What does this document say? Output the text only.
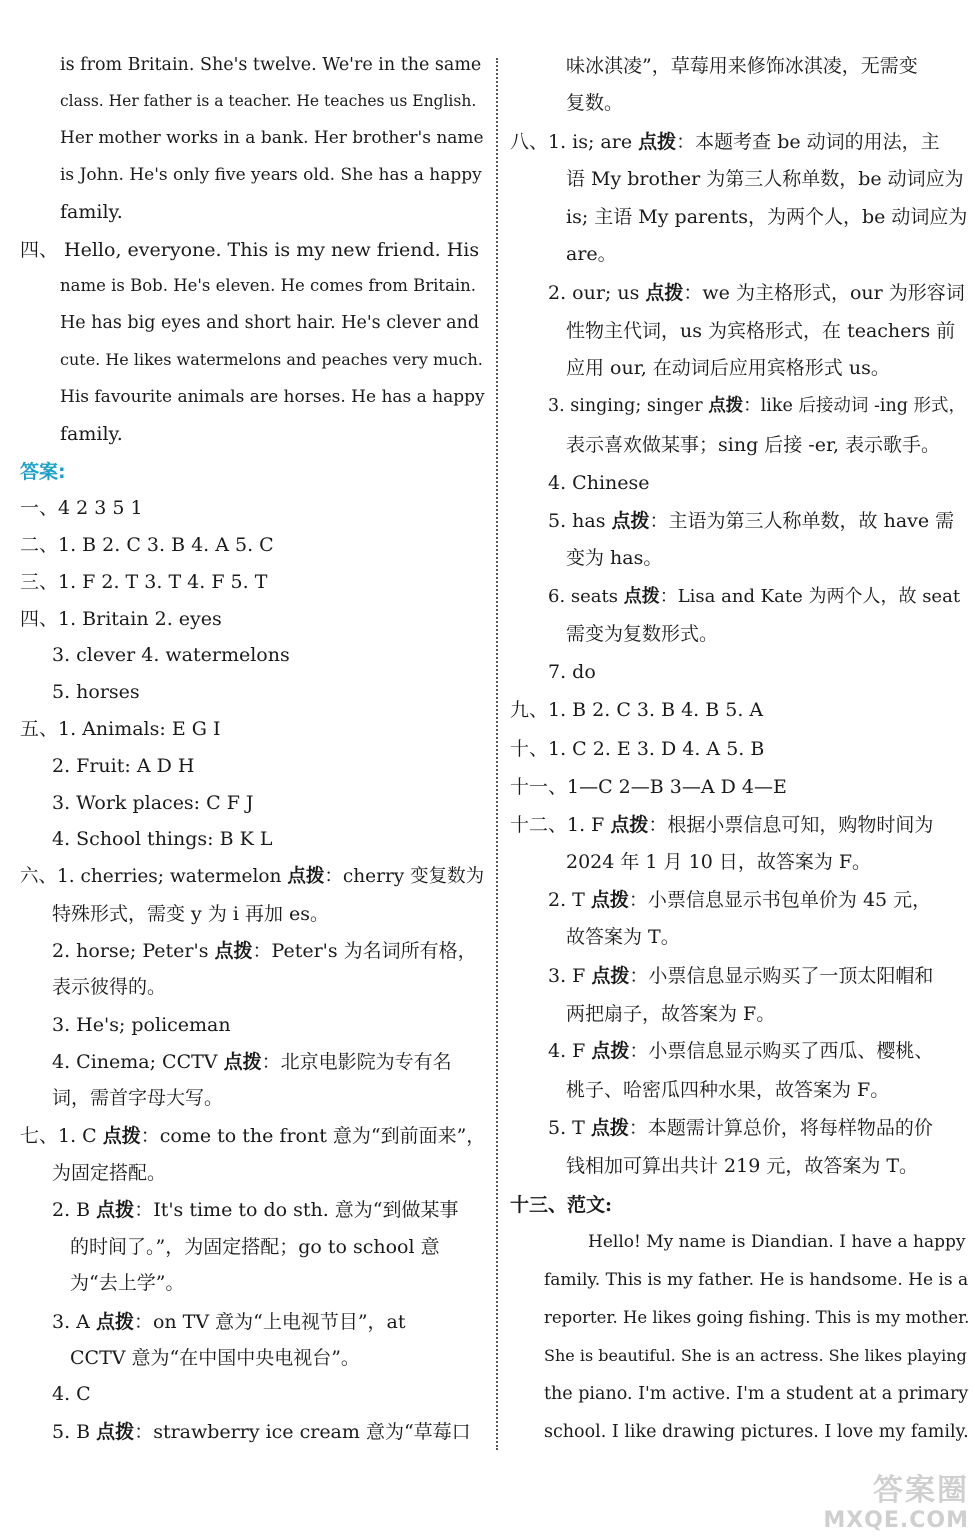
is from Britain. She's twelve. We're in the same
class. Her father is a teacher. He teaches us English.
Her mother works in a bank. Her brother's name
is John. He's only five years old. She has a happy
family.
四、 Hello, everyone. This is my new friend. His
name is Bob. He's eleven. He comes from Britain.
He has big eyes and short hair. He's clever and
cute. He likes watermelons and peaches very much.
His favourite animals are horses. He has a happy
family.
答案:
一、4 2 3 5 1
二、1. B 2. C 3. B 4. A 5. C
三、1. F 2. T 3. T 4. F 5. T
四、1. Britain 2. eyes
3. clever 4. watermelons
5. horses
五、1. Animals: E G I
2. Fruit: A D H
3. Work places: C F J
4. School things: B K L
六、1. cherries; watermelon 点拨：cherry 变复数为
特殊形式，需变 y 为 i 再加 es。
2. horse; Peter's 点拨：Peter's 为名词所有格，
表示彼得的。
3. He's; policeman
4. Cinema; CCTV 点拨：北京电影院为专有名
词，需首字母大写。
七、1. C 点拨：come to the front 意为“到前面来”，
为固定搭配。
2. B 点拨：It's time to do sth. 意为“到做某事
的时间了。”，为固定搭配；go to school 意
为“去上学”。
3. A 点拨：on TV 意为“上电视节目”，at
CCTV 意为“在中国中央电视台”。
4. C
5. B 点拨：strawberry ice cream 意为“草莓口
味冰淇凌”，草莓用来修饰冰淇凌，无需变
复数。
八、1. is; are 点拨：本题考查 be 动词的用法，主
语 My brother 为第三人称单数，be 动词应为
is; 主语 My parents，为两个人，be 动词应为
are。
2. our; us 点拨：we 为主格形式，our 为形容词
性物主代词，us 为宾格形式，在 teachers 前
应用 our, 在动词后应用宾格形式 us。
3. singing; singer 点拨：like 后接动词 -ing 形式，
表示喜欢做某事；sing 后接 -er, 表示歌手。
4. Chinese
5. has 点拨：主语为第三人称单数，故 have 需
变为 has。
6. seats 点拨：Lisa and Kate 为两个人，故 seat
需变为复数形式。
7. do
九、1. B 2. C 3. B 4. B 5. A
十、1. C 2. E 3. D 4. A 5. B
十一、1—C 2—B 3—A D 4—E
十二、1. F 点拨：根据小票信息可知，购物时间为
2024 年 1 月 10 日，故答案为 F。
2. T 点拨：小票信息显示书包单价为 45 元，
故答案为 T。
3. F 点拨：小票信息显示购买了一顶太阳帽和
两把扇子，故答案为 F。
4. F 点拨：小票信息显示购买了西瓜、樱桃、
桃子、哈密瓜四种水果，故答案为 F。
5. T 点拨：本题需计算总价，将每样物品的价
钱相加可算出共计 219 元，故答案为 T。
十三、范文:
Hello! My name is Diandian. I have a happy
family. This is my father. He is handsome. He is a
reporter. He likes going fishing. This is my mother.
She is beautiful. She is an actress. She likes playing
the piano. I'm active. I'm a student at a primary
school. I like drawing pictures. I love my family.
答案圈
MXQE.COM
